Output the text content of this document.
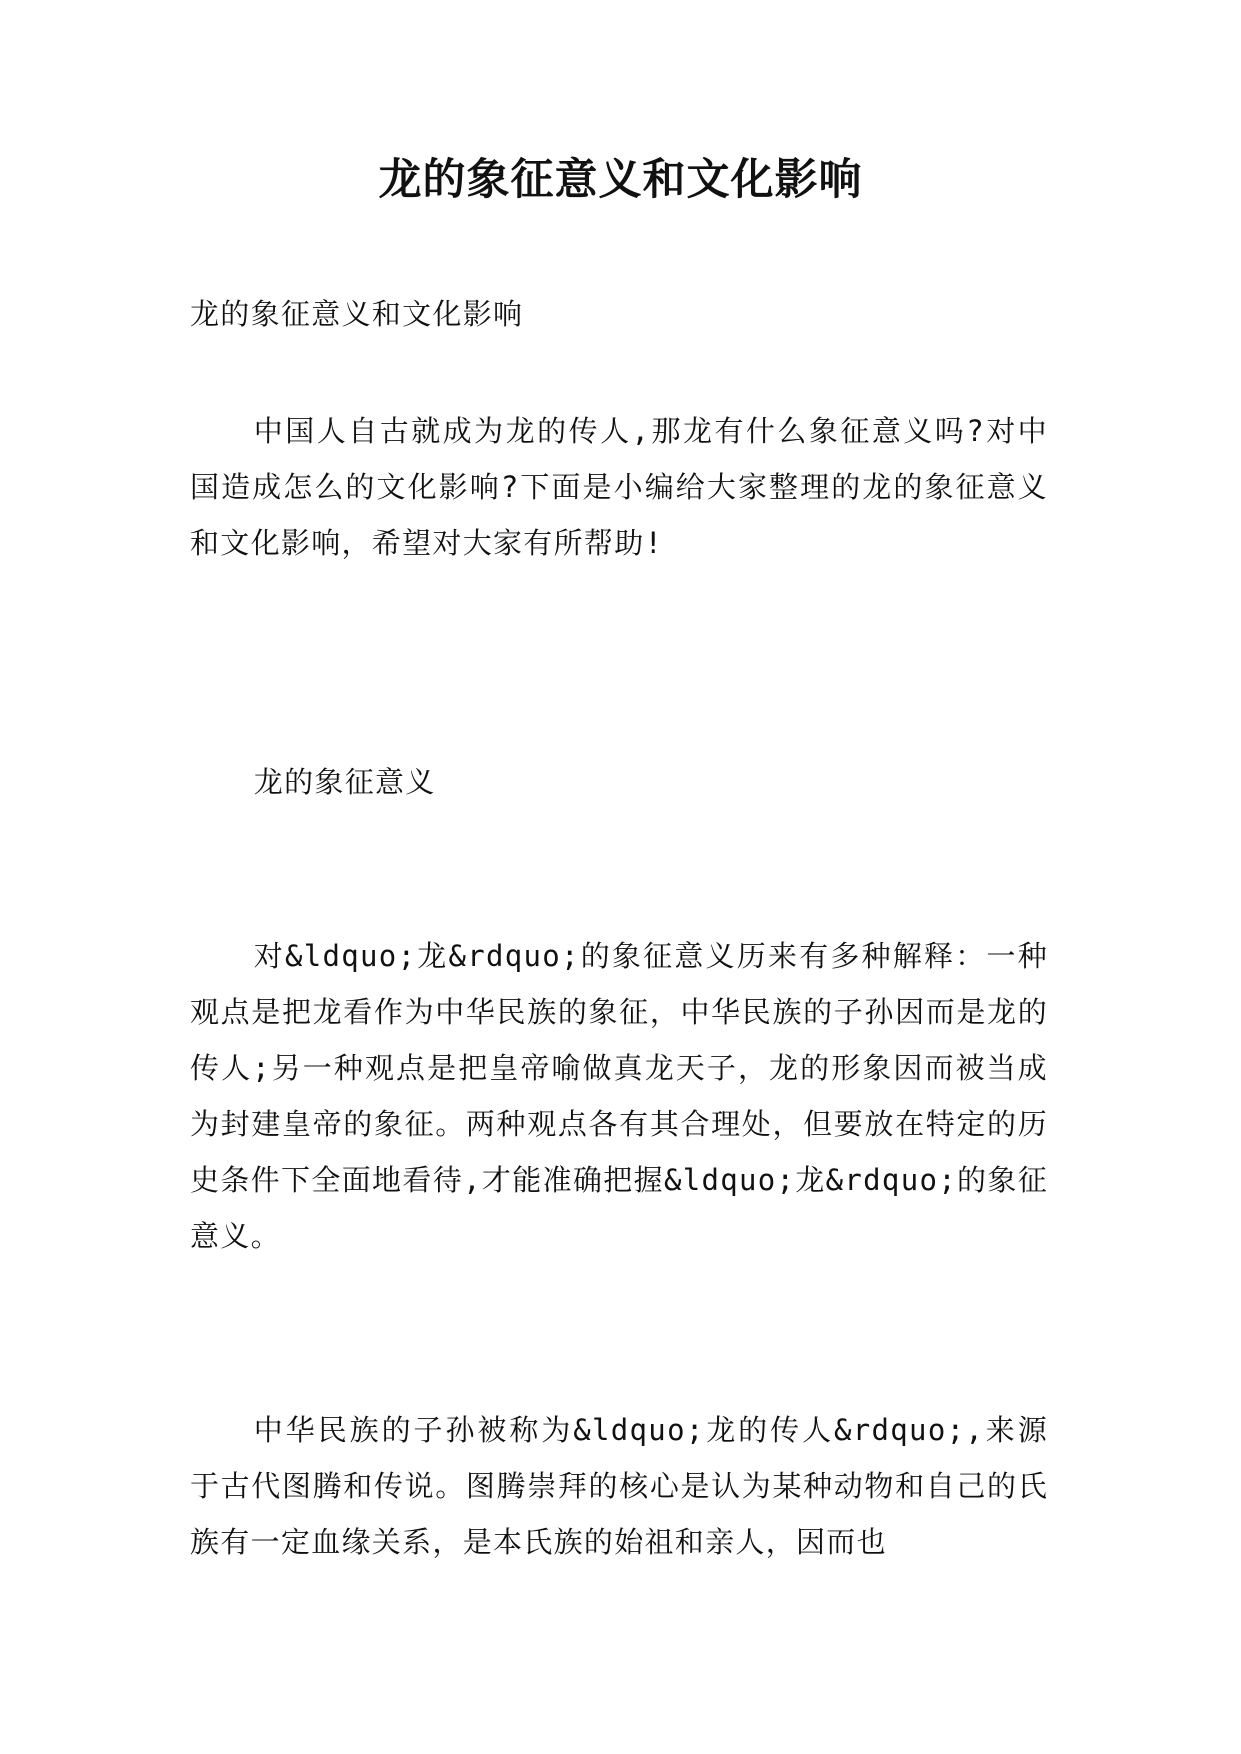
龙的象征意义和文化影响

龙的象征意义和文化影响

中国人自古就成为龙的传人,那龙有什么象征意义吗?对中国造成怎么的文化影响?下面是小编给大家整理的龙的象征意义和文化影响，希望对大家有所帮助!

龙的象征意义

对&ldquo;龙&rdquo;的象征意义历来有多种解释：一种观点是把龙看作为中华民族的象征，中华民族的子孙因而是龙的传人;另一种观点是把皇帝喻做真龙天子，龙的形象因而被当成为封建皇帝的象征。两种观点各有其合理处，但要放在特定的历史条件下全面地看待,才能准确把握&ldquo;龙&rdquo;的象征意义。

中华民族的子孙被称为&ldquo;龙的传人&rdquo;,来源于古代图腾和传说。图腾崇拜的核心是认为某种动物和自己的氏族有一定血缘关系，是本氏族的始祖和亲人，因而也
